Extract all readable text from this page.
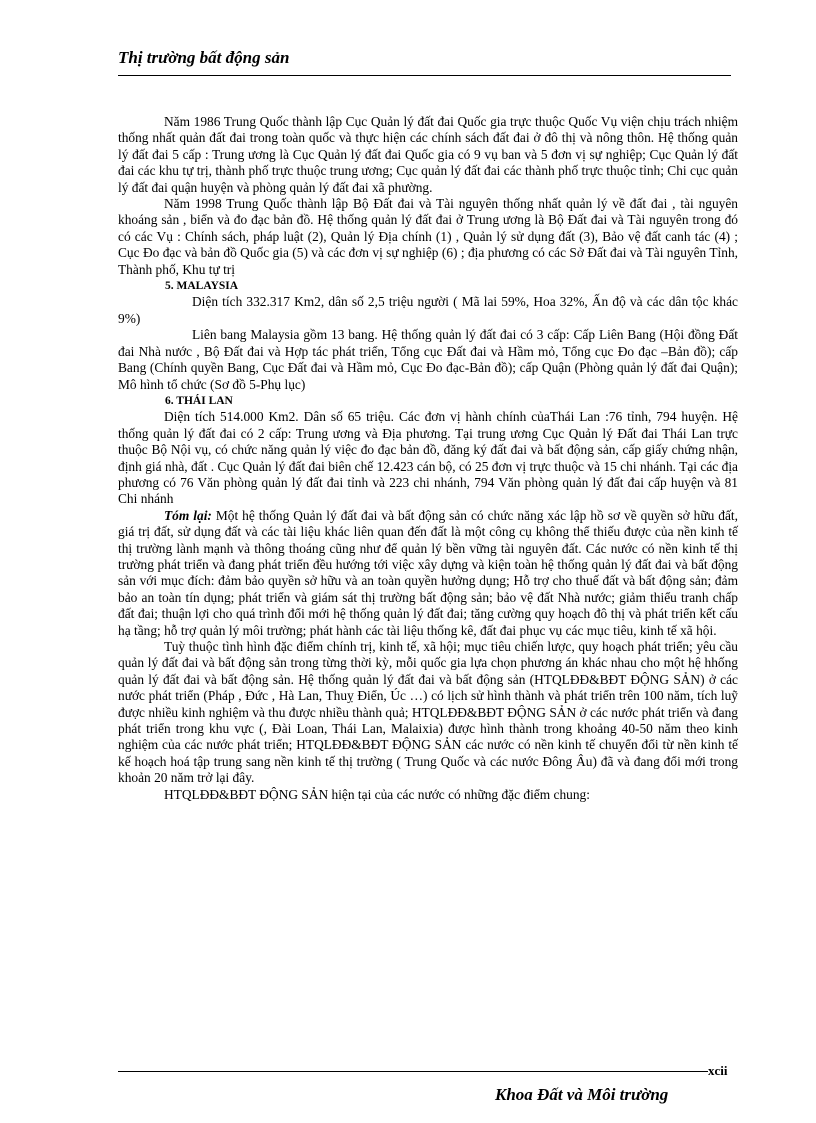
Thị trường bất động sản

Năm 1986 Trung Quốc thành lập Cục Quản lý đất đai Quốc gia trực thuộc Quốc Vụ viện chịu trách nhiệm thống nhất quản đất đai trong toàn quốc và thực hiện các chính sách đất đai ở đô thị và nông thôn. Hệ thống quản lý đất đai 5 cấp : Trung ương là Cục Quản lý đất đai Quốc gia có 9 vụ ban và 5 đơn vị sự nghiệp; Cục Quản lý đất đai các khu tự trị, thành phố trực thuộc trung ương; Cục quản lý đất đai các thành phố trực thuộc tỉnh; Chi cục quản lý đất đai quận huyện và phòng quản lý đất đai xã phường.

Năm 1998 Trung Quốc thành lập Bộ Đất đai và Tài nguyên thống nhất quản lý về đất đai , tài nguyên khoáng sản , biển và đo đạc bản đồ. Hệ thống quản lý đất đai ở Trung ương là Bộ Đất đai và Tài nguyên trong đó có các Vụ : Chính sách, pháp luật (2), Quản lý Địa chính (1) , Quản lý sử dụng đất (3), Bảo vệ đất canh tác (4) ; Cục Đo đạc và bản đồ Quốc gia (5) và các đơn vị sự nghiệp (6) ; địa phương có các Sở Đất đai và Tài nguyên Tỉnh, Thành phố, Khu tự trị

5. MALAYSIA

Diện tích 332.317 Km2, dân số 2,5 triệu người ( Mã lai 59%, Hoa 32%, Ấn độ và các dân tộc khác 9%)

Liên bang Malaysia gồm 13 bang. Hệ thống quản lý đất đai có 3 cấp: Cấp Liên Bang (Hội đồng Đất đai Nhà nước , Bộ Đất đai và Hợp tác phát triển, Tổng cục Đất đai và Hầm mỏ, Tổng cục Đo đạc –Bản đồ); cấp Bang (Chính quyền Bang, Cục Đất đai và Hầm mỏ, Cục Đo đạc-Bản đồ); cấp Quận (Phòng quản lý đất đai Quận); Mô hình tổ chức (Sơ đồ 5-Phụ lục)

6. THÁI LAN

Diện tích 514.000 Km2. Dân số 65 triệu. Các đơn vị hành chính củaThái Lan :76 tỉnh, 794 huyện. Hệ thống quản lý đất đai có 2 cấp: Trung ương và Địa phương. Tại trung ương Cục Quản lý Đất đai Thái Lan trực thuộc Bộ Nội vụ, có chức năng quản lý việc đo đạc bản đồ, đăng ký đất đai và bất động sản, cấp giấy chứng nhận, định giá nhà, đất . Cục Quản lý đất đai biên chế 12.423 cán bộ, có 25 đơn vị trực thuộc và 15 chi nhánh. Tại các địa phương có 76 Văn phòng quản lý đất đai tỉnh và 223 chi nhánh, 794 Văn phòng quản lý đất đai cấp huyện và 81 Chi nhánh

Tóm lại: Một hệ thống Quản lý đất đai và bất động sản có chức năng xác lập hồ sơ về quyền sở hữu đất, giá trị đất, sử dụng đất và các tài liệu khác liên quan đến đất là một công cụ không thể thiếu được của nền kinh tế thị trường lành mạnh và thông thoáng cũng như để quản lý bền vững tài nguyên đất. Các nước có nền kinh tế thị trường phát triển và đang phát triển đều hướng tới việc xây dựng và kiện toàn hệ thống quản lý đất đai và bất động sản với mục đích: đảm bảo quyền sở hữu và an toàn quyền hưởng dụng; Hỗ trợ cho thuế đất và bất động sản; đảm bảo an toàn tín dụng; phát triển và giám sát thị trường bất động sản; bảo vệ đất Nhà nước; giảm thiểu tranh chấp đất đai; thuận lợi cho quá trình đổi mới hệ thống quản lý đất đai; tăng cường quy hoạch đô thị và phát triển kết cấu hạ tầng; hỗ trợ quản lý môi trường; phát hành các tài liệu thống kê, đất đai phục vụ các mục tiêu, kinh tế xã hội.

Tuỳ thuộc tình hình đặc điểm chính trị, kinh tế, xã hội; mục tiêu chiến lược, quy hoạch phát triển; yêu cầu quản lý đất đai và bất động sản trong từng thời kỳ, mỗi quốc gia lựa chọn phương án khác nhau cho một hệ hhống quản lý đất đai và bất động sản. Hệ thống quản lý đất đai và bất động sản (HTQLĐĐ&BĐT ĐỘNG SẢN) ở các nước phát triển (Pháp , Đức , Hà Lan, Thuỵ Điển, Úc …) có lịch sử hình thành và phát triển trên 100 năm, tích luỹ được nhiều kinh nghiệm và thu được nhiều thành quả; HTQLĐĐ&BĐT ĐỘNG SẢN ở các nước phát triển và đang phát triển trong khu vực (, Đài Loan, Thái Lan, Malaixia) được hình thành trong khoảng 40-50 năm theo kinh nghiệm của các nước phát triển; HTQLĐĐ&BĐT ĐỘNG SẢN các nước có nền kinh tế chuyển đổi từ nền kinh tế kế hoạch hoá tập trung sang nền kinh tế thị trường ( Trung Quốc và các nước Đông Âu) đã và đang đổi mới trong khoản 20 năm trở lại đây.

HTQLĐĐ&BĐT ĐỘNG SẢN hiện tại của các nước có những đặc điểm chung:

xcii
Khoa Đất và Môi trường
